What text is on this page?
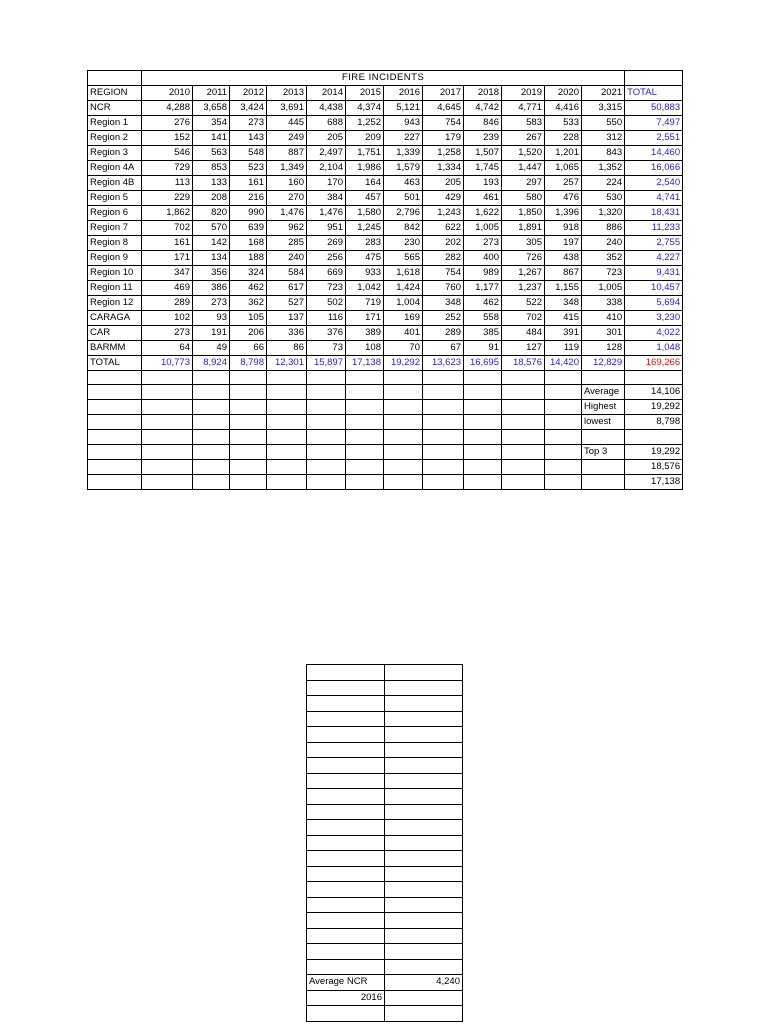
	FIRE INCIDENTS												
REGION	2010	2011	2012	2013	2014	2015	2016	2017	2018	2019	2020	2021	TOTAL
NCR	4,288	3,658	3,424	3,691	4,438	4,374	5,121	4,645	4,742	4,771	4,416	3,315	50,883
Region 1	276	354	273	445	688	1,252	943	754	846	583	533	550	7,497
Region 2	152	141	143	249	205	209	227	179	239	267	228	312	2,551
Region 3	546	563	548	887	2,497	1,751	1,339	1,258	1,507	1,520	1,201	843	14,460
Region 4A	729	853	523	1,349	2,104	1,986	1,579	1,334	1,745	1,447	1,065	1,352	16,066
Region 4B	113	133	161	160	170	164	463	205	193	297	257	224	2,540
Region 5	229	208	216	270	384	457	501	429	461	580	476	530	4,741
Region 6	1,862	820	990	1,476	1,476	1,580	2,796	1,243	1,622	1,850	1,396	1,320	18,431
Region 7	702	570	639	962	951	1,245	842	622	1,005	1,891	918	886	11,233
Region 8	161	142	168	285	269	283	230	202	273	305	197	240	2,755
Region 9	171	134	188	240	256	475	565	282	400	726	438	352	4,227
Region 10	347	356	324	584	669	933	1,618	754	989	1,267	867	723	9,431
Region 11	469	386	462	617	723	1,042	1,424	760	1,177	1,237	1,155	1,005	10,457
Region 12	289	273	362	527	502	719	1,004	348	462	522	348	338	5,694
CARAGA	102	93	105	137	116	171	169	252	558	702	415	410	3,230
CAR	273	191	206	336	376	389	401	289	385	484	391	301	4,022
BARMM	64	49	66	86	73	108	70	67	91	127	119	128	1,048
TOTAL	10,773	8,924	8,798	12,301	15,897	17,138	19,292	13,623	16,695	18,576	14,420	12,829	169,266

												Average	14,106
												Highest	19,292
												lowest	8,798

												Top 3	19,292
													18,576
													17,138

Average NCR	4,240
2016	
